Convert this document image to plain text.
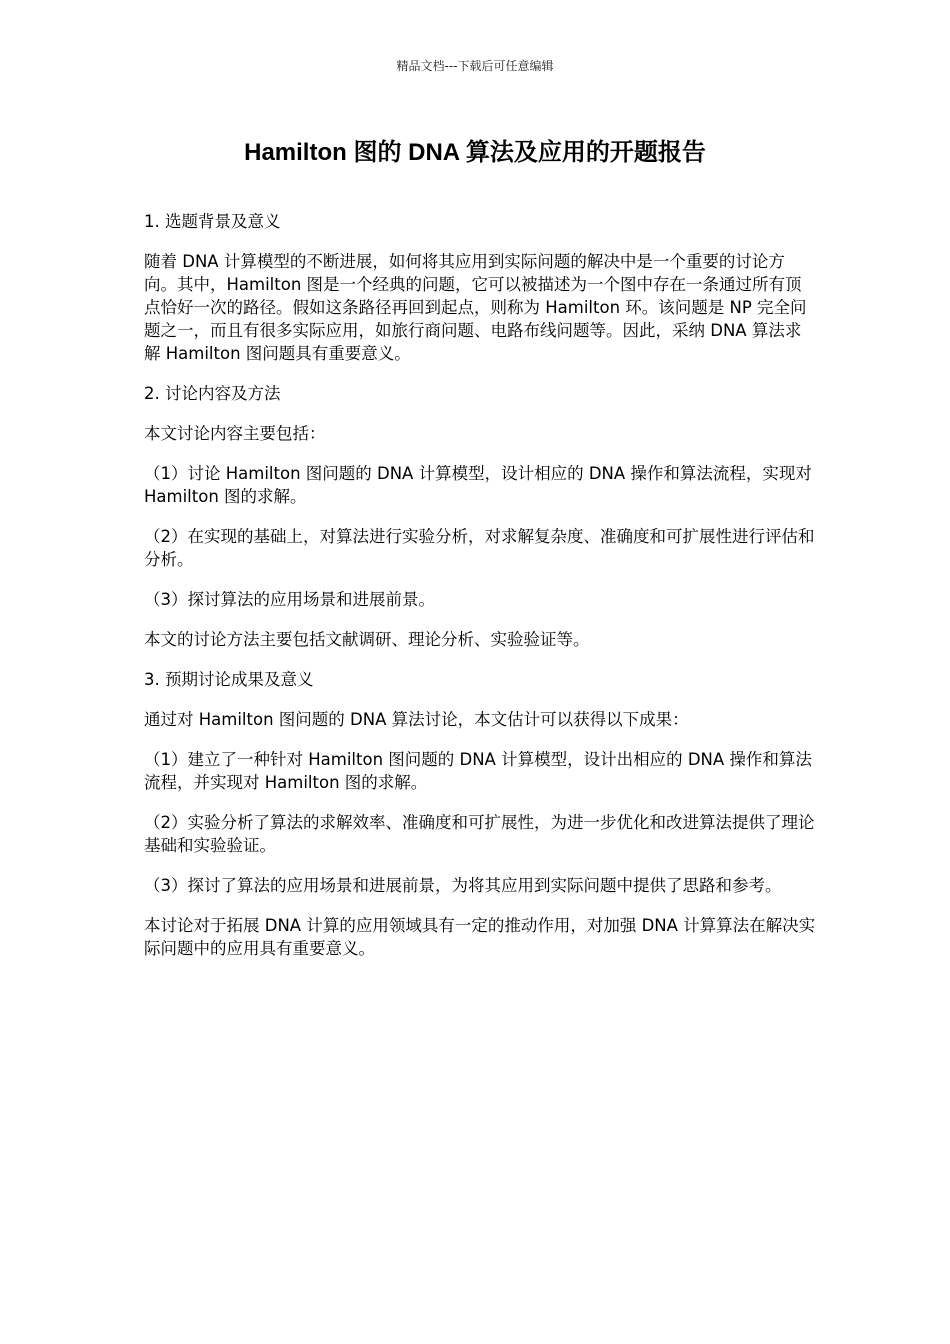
精品文档---下载后可任意编辑
Hamilton 图的 DNA 算法及应用的开题报告

1. 选题背景及意义

随着 DNA 计算模型的不断进展，如何将其应用到实际问题的解决中是一个重要的讨论方向。其中，Hamilton 图是一个经典的问题，它可以被描述为一个图中存在一条通过所有顶点恰好一次的路径。假如这条路径再回到起点，则称为 Hamilton 环。该问题是 NP 完全问题之一，而且有很多实际应用，如旅行商问题、电路布线问题等。因此，采纳 DNA 算法求解 Hamilton 图问题具有重要意义。

2. 讨论内容及方法

本文讨论内容主要包括：

（1）讨论 Hamilton 图问题的 DNA 计算模型，设计相应的 DNA 操作和算法流程，实现对 Hamilton 图的求解。

（2）在实现的基础上，对算法进行实验分析，对求解复杂度、准确度和可扩展性进行评估和分析。

（3）探讨算法的应用场景和进展前景。

本文的讨论方法主要包括文献调研、理论分析、实验验证等。

3. 预期讨论成果及意义

通过对 Hamilton 图问题的 DNA 算法讨论，本文估计可以获得以下成果：

（1）建立了一种针对 Hamilton 图问题的 DNA 计算模型，设计出相应的 DNA 操作和算法流程，并实现对 Hamilton 图的求解。

（2）实验分析了算法的求解效率、准确度和可扩展性，为进一步优化和改进算法提供了理论基础和实验验证。

（3）探讨了算法的应用场景和进展前景，为将其应用到实际问题中提供了思路和参考。

本讨论对于拓展 DNA 计算的应用领域具有一定的推动作用，对加强 DNA 计算算法在解决实际问题中的应用具有重要意义。
